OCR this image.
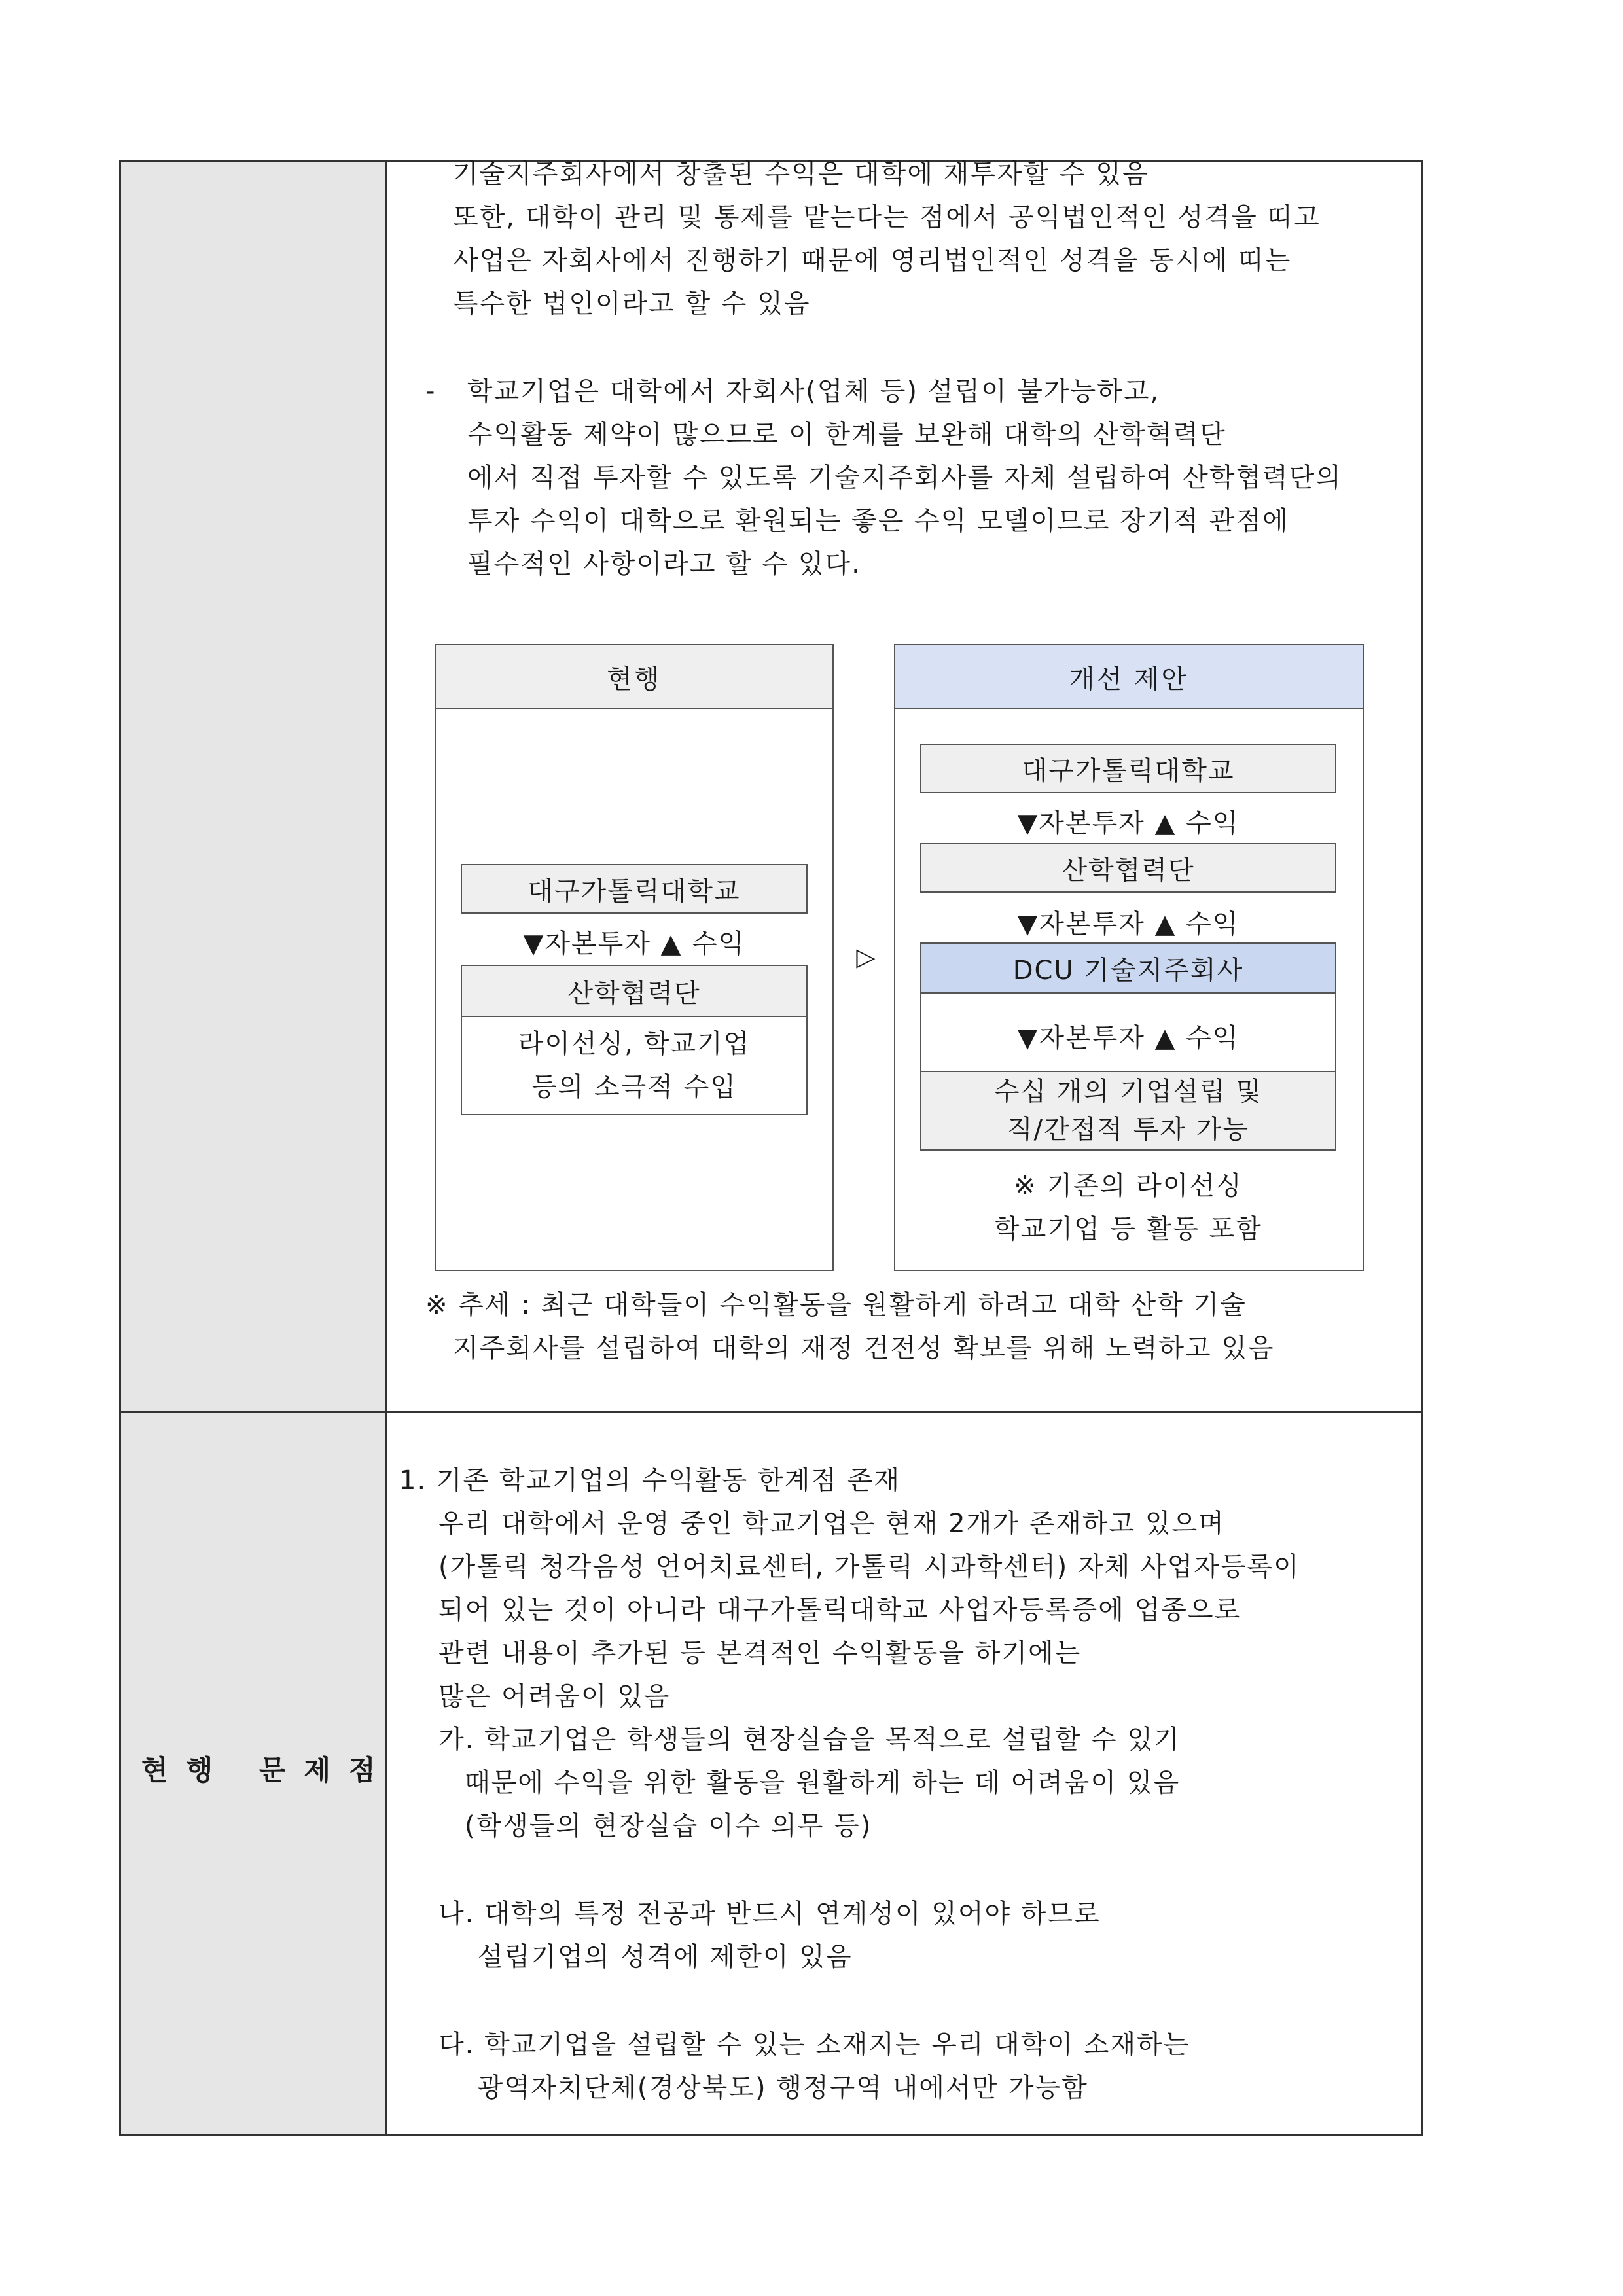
기술지주회사에서 창출된 수익은 대학에 재투자할 수 있음
또한, 대학이 관리 및 통제를 맡는다는 점에서 공익법인적인 성격을 띠고
사업은 자회사에서 진행하기 때문에 영리법인적인 성격을 동시에 띠는
특수한 법인이라고 할 수 있음
- 학교기업은 대학에서 자회사(업체 등) 설립이 불가능하고,
수익활동 제약이 많으므로 이 한계를 보완해 대학의 산학혁력단
에서 직접 투자할 수 있도록 기술지주회사를 자체 설립하여 산학협력단의
투자 수익이 대학으로 환원되는 좋은 수익 모델이므로 장기적 관점에
필수적인 사항이라고 할 수 있다.
현행
대구가톨릭대학교
▼자본투자 ▲ 수익
산학협력단
라이선싱, 학교기업
등의 소극적 수입
▷
개선 제안
대구가톨릭대학교
▼자본투자 ▲ 수익
산학협력단
▼자본투자 ▲ 수익
DCU 기술지주회사
▼자본투자 ▲ 수익
수십 개의 기업설립 및
직/간접적 투자 가능
※ 기존의 라이선싱
학교기업 등 활동 포함
※ 추세 : 최근 대학들이 수익활동을 원활하게 하려고 대학 산학 기술
지주회사를 설립하여 대학의 재정 건전성 확보를 위해 노력하고 있음
현행 문제점
1. 기존 학교기업의 수익활동 한계점 존재
우리 대학에서 운영 중인 학교기업은 현재 2개가 존재하고 있으며
(가톨릭 청각음성 언어치료센터, 가톨릭 시과학센터) 자체 사업자등록이
되어 있는 것이 아니라 대구가톨릭대학교 사업자등록증에 업종으로
관련 내용이 추가된 등 본격적인 수익활동을 하기에는
많은 어려움이 있음
가. 학교기업은 학생들의 현장실습을 목적으로 설립할 수 있기
때문에 수익을 위한 활동을 원활하게 하는 데 어려움이 있음
(학생들의 현장실습 이수 의무 등)
나. 대학의 특정 전공과 반드시 연계성이 있어야 하므로
설립기업의 성격에 제한이 있음
다. 학교기업을 설립할 수 있는 소재지는 우리 대학이 소재하는
광역자치단체(경상북도) 행정구역 내에서만 가능함
